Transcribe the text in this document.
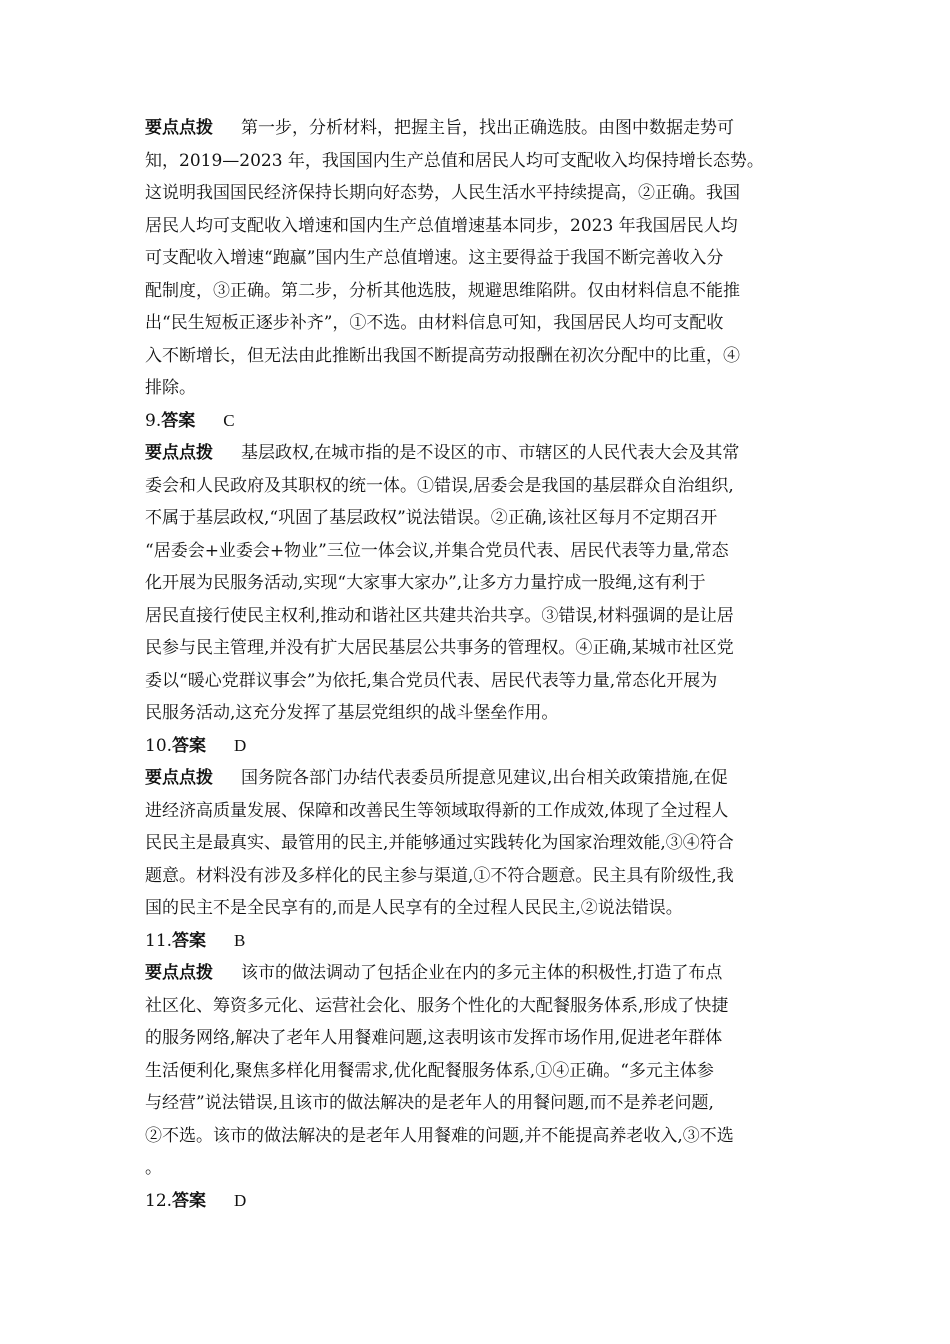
要点点拨 第一步，分析材料，把握主旨，找出正确选肢。由图中数据走势可
知，2019—2023 年，我国国内生产总值和居民人均可支配收入均保持增长态势。
这说明我国国民经济保持长期向好态势，人民生活水平持续提高，②正确。我国
居民人均可支配收入增速和国内生产总值增速基本同步，2023 年我国居民人均
可支配收入增速“跑赢”国内生产总值增速。这主要得益于我国不断完善收入分
配制度，③正确。第二步，分析其他选肢，规避思维陷阱。仅由材料信息不能推
出“民生短板正逐步补齐”，①不选。由材料信息可知，我国居民人均可支配收
入不断增长，但无法由此推断出我国不断提高劳动报酬在初次分配中的比重，④
排除。
9.答案 C
要点点拨 基层政权,在城市指的是不设区的市、市辖区的人民代表大会及其常
委会和人民政府及其职权的统一体。①错误,居委会是我国的基层群众自治组织,
不属于基层政权,“巩固了基层政权”说法错误。②正确,该社区每月不定期召开
“居委会+业委会+物业”三位一体会议,并集合党员代表、居民代表等力量,常态
化开展为民服务活动,实现“大家事大家办”,让多方力量拧成一股绳,这有利于
居民直接行使民主权利,推动和谐社区共建共治共享。③错误,材料强调的是让居
民参与民主管理,并没有扩大居民基层公共事务的管理权。④正确,某城市社区党
委以“暖心党群议事会”为依托,集合党员代表、居民代表等力量,常态化开展为
民服务活动,这充分发挥了基层党组织的战斗堡垒作用。
10.答案 D
要点点拨 国务院各部门办结代表委员所提意见建议,出台相关政策措施,在促
进经济高质量发展、保障和改善民生等领域取得新的工作成效,体现了全过程人
民民主是最真实、最管用的民主,并能够通过实践转化为国家治理效能,③④符合
题意。材料没有涉及多样化的民主参与渠道,①不符合题意。民主具有阶级性,我
国的民主不是全民享有的,而是人民享有的全过程人民民主,②说法错误。
11.答案 B
要点点拨 该市的做法调动了包括企业在内的多元主体的积极性,打造了布点
社区化、筹资多元化、运营社会化、服务个性化的大配餐服务体系,形成了快捷
的服务网络,解决了老年人用餐难问题,这表明该市发挥市场作用,促进老年群体
生活便利化,聚焦多样化用餐需求,优化配餐服务体系,①④正确。“多元主体参
与经营”说法错误,且该市的做法解决的是老年人的用餐问题,而不是养老问题,
②不选。该市的做法解决的是老年人用餐难的问题,并不能提高养老收入,③不选
。
12.答案 D
